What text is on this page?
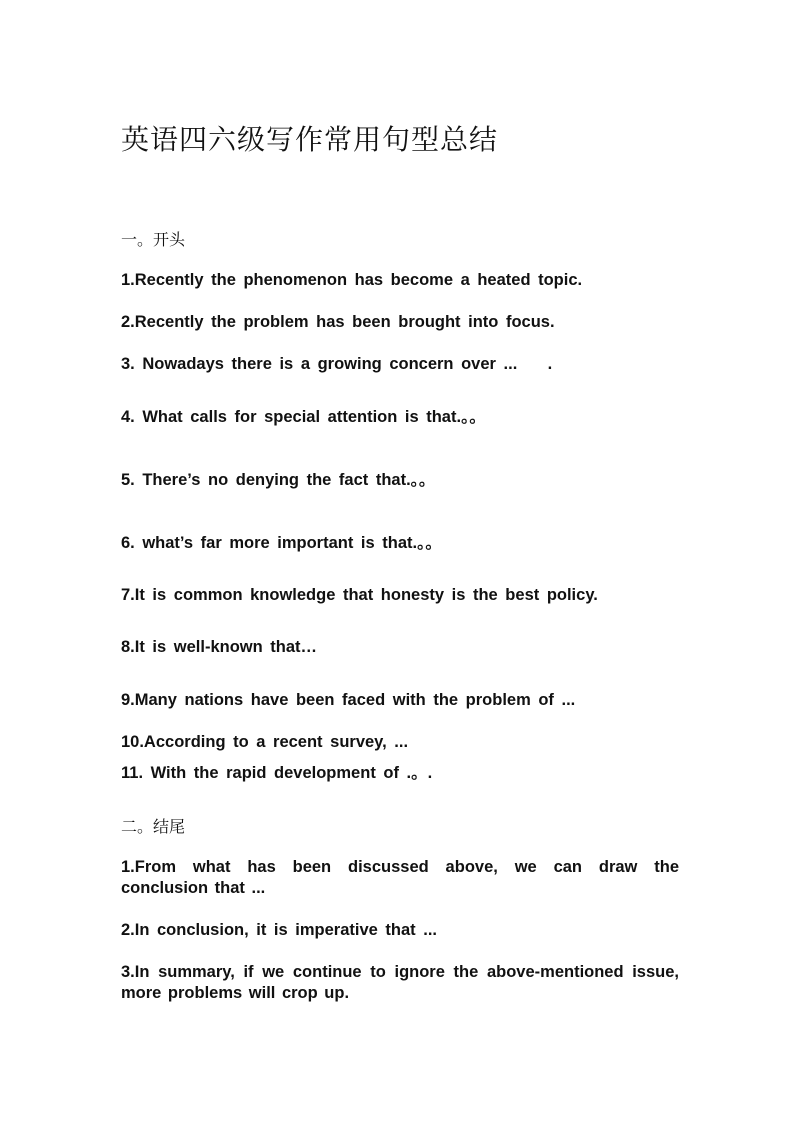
英语四六级写作常用句型总结
一。开头

1.Recently the phenomenon has become a heated topic.

2.Recently the problem has been brought into focus.

3. Nowadays there is a growing concern over ...    .

4. What calls for special attention is that.。。

5. There’s no denying the fact that.。。

6. what’s far more important is that.。。

7.It is common knowledge that honesty is the best policy.

8.It is well-known that…

9.Many nations have been faced with the problem of ...

10.According to a recent survey, ...

11. With the rapid development of .。.

二。结尾

1.From what has been discussed above, we can draw the conclusion that ...

2.In conclusion, it is imperative that ...

3.In summary, if we continue to ignore the above-mentioned issue, more problems will crop up.
